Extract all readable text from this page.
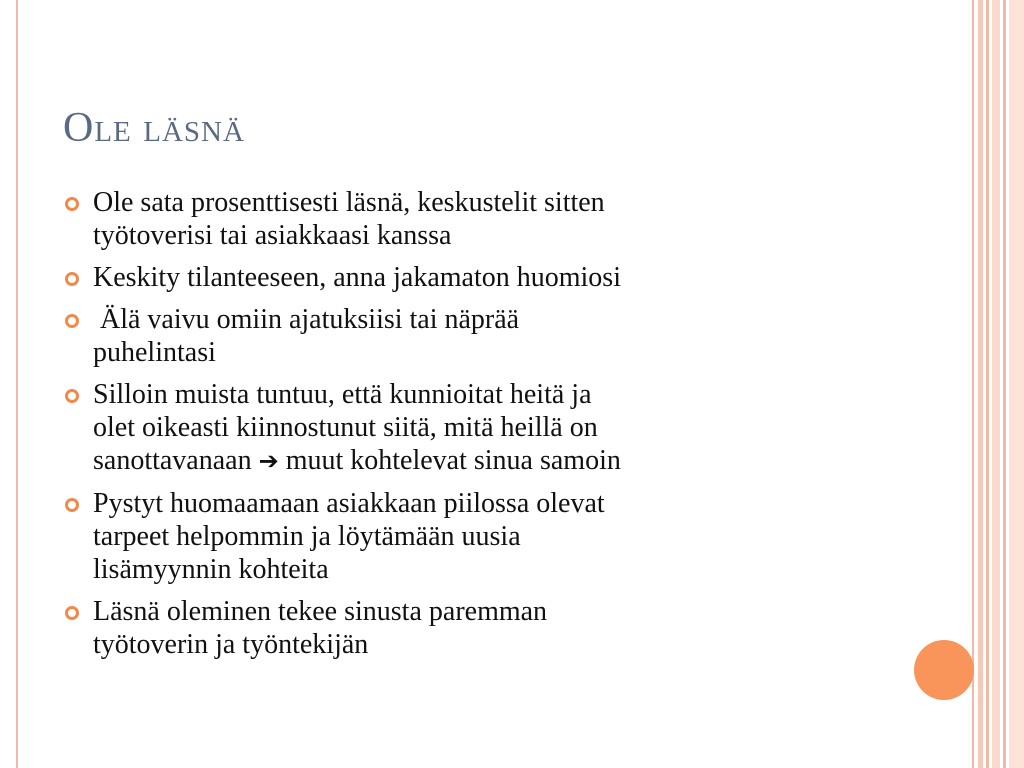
Ole läsnä
Ole sata prosenttisesti läsnä, keskustelit sitten
työtoverisi tai asiakkaasi kanssa
Keskity tilanteeseen, anna jakamaton huomiosi
Älä vaivu omiin ajatuksiisi tai näprää
puhelintasi
Silloin muista tuntuu, että kunnioitat heitä ja
olet oikeasti kiinnostunut siitä, mitä heillä on
sanottavanaan ➔ muut kohtelevat sinua samoin
Pystyt huomaamaan asiakkaan piilossa olevat
tarpeet helpommin ja löytämään uusia
lisämyynnin kohteita
Läsnä oleminen tekee sinusta paremman
työtoverin ja työntekijän
